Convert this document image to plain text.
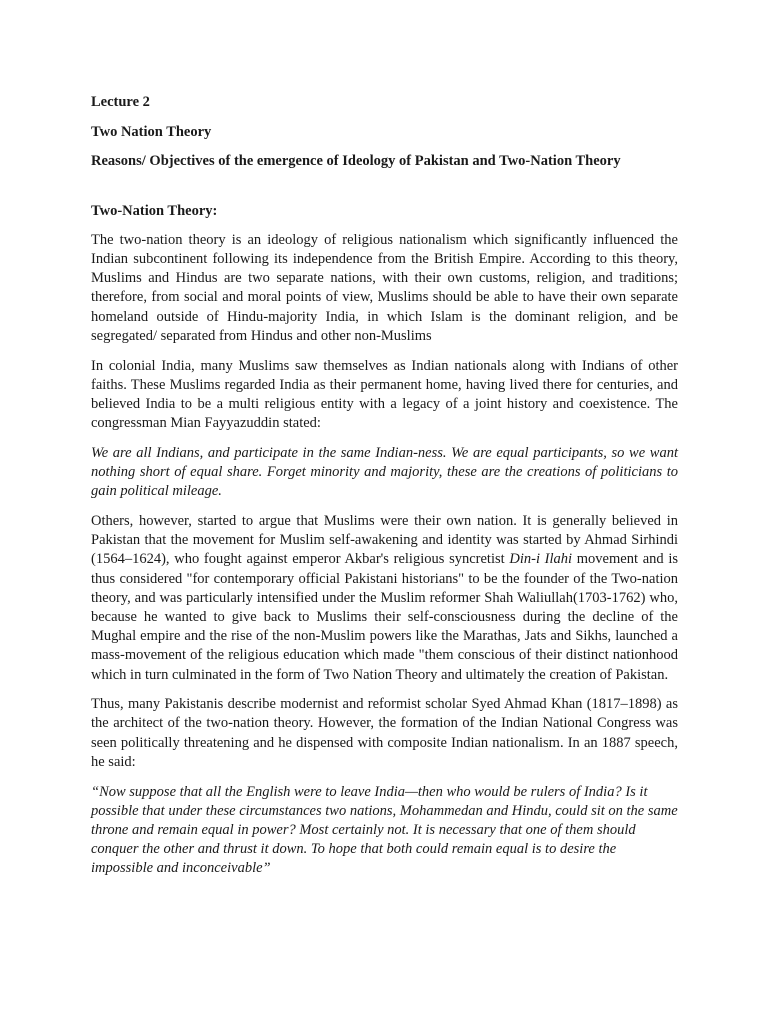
Lecture 2

Two Nation Theory

Reasons/ Objectives of the emergence of Ideology of Pakistan and Two-Nation Theory

Two-Nation Theory:

The two-nation theory is an ideology of religious nationalism which significantly influenced the Indian subcontinent following its independence from the British Empire. According to this theory, Muslims and Hindus are two separate nations, with their own customs, religion, and traditions; therefore, from social and moral points of view, Muslims should be able to have their own separate homeland outside of Hindu-majority India, in which Islam is the dominant religion, and be segregated/ separated from Hindus and other non-Muslims

In colonial India, many Muslims saw themselves as Indian nationals along with Indians of other faiths. These Muslims regarded India as their permanent home, having lived there for centuries, and believed India to be a multi religious entity with a legacy of a joint history and coexistence. The congressman Mian Fayyazuddin stated:

We are all Indians, and participate in the same Indian-ness. We are equal participants, so we want nothing short of equal share. Forget minority and majority, these are the creations of politicians to gain political mileage.

Others, however, started to argue that Muslims were their own nation. It is generally believed in Pakistan that the movement for Muslim self-awakening and identity was started by Ahmad Sirhindi (1564–1624), who fought against emperor Akbar's religious syncretist Din-i Ilahi movement and is thus considered "for contemporary official Pakistani historians" to be the founder of the Two-nation theory, and was particularly intensified under the Muslim reformer Shah Waliullah(1703-1762) who, because he wanted to give back to Muslims their self-consciousness during the decline of the Mughal empire and the rise of the non-Muslim powers like the Marathas, Jats and Sikhs, launched a mass-movement of the religious education which made "them conscious of their distinct nationhood which in turn culminated in the form of Two Nation Theory and ultimately the creation of Pakistan.

Thus, many Pakistanis describe modernist and reformist scholar Syed Ahmad Khan (1817–1898) as the architect of the two-nation theory. However, the formation of the Indian National Congress was seen politically threatening and he dispensed with composite Indian nationalism. In an 1887 speech, he said:

“Now suppose that all the English were to leave India—then who would be rulers of India? Is it possible that under these circumstances two nations, Mohammedan and Hindu, could sit on the same throne and remain equal in power? Most certainly not. It is necessary that one of them should conquer the other and thrust it down. To hope that both could remain equal is to desire the impossible and inconceivable”
